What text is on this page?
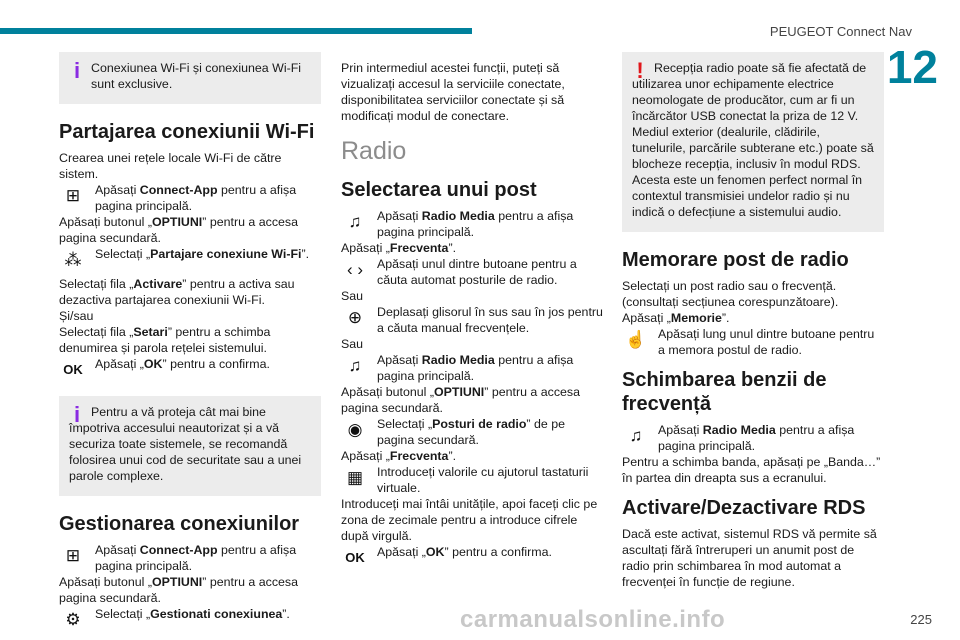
PEUGEOT Connect Nav
12
i Conexiunea Wi-Fi și conexiunea Wi-Fi sunt exclusive.

Partajarea conexiunii Wi-Fi

Crearea unei rețele locale Wi-Fi de către sistem.

⊞	Apăsați Connect-App pentru a afișa pagina principală.

Apăsați butonul „OPTIUNI” pentru a accesa pagina secundară.

⁂ Selectați „Partajare conexiune Wi-Fi”.

Selectați fila „Activare” pentru a activa sau dezactiva partajarea conexiunii Wi-Fi.

Și/sau

Selectați fila „Setari” pentru a schimba denumirea și parola rețelei sistemului.

OK Apăsați „OK” pentru a confirma.
i Pentru a vă proteja cât mai bine împotriva accesului neautorizat și a vă securiza toate sistemele, se recomandă folosirea unui cod de securitate sau a unei parole complexe.

Gestionarea conexiunilor
⊞	Apăsați Connect-App pentru a afișa pagina principală.

Apăsați butonul „OPTIUNI” pentru a accesa pagina secundară.

⚙	Selectați „Gestionati conexiunea”.

Prin intermediul acestei funcții, puteți să vizualizați accesul la serviciile conectate, disponibilitatea serviciilor conectate și să modificați modul de conectare.

Radio
Selectarea unui post
♫	Apăsați Radio Media pentru a afișa pagina principală.

Apăsați „Frecventa”.

‹ ›	Apăsați unul dintre butoane pentru a căuta automat posturile de radio.

Sau

⊕	Deplasați glisorul în sus sau în jos pentru a căuta manual frecvențele.

Sau

♫	Apăsați Radio Media pentru a afișa pagina principală.

Apăsați butonul „OPTIUNI” pentru a accesa pagina secundară.

◉	Selectați „Posturi de radio” de pe pagina secundară.

Apăsați „Frecventa”.

▦	Introduceți valorile cu ajutorul tastaturii virtuale.

Introduceți mai întâi unitățile, apoi faceți clic pe zona de zecimale pentru a introduce cifrele după virgulă.

OK Apăsați „OK” pentru a confirma.
! Recepția radio poate să fie afectată de utilizarea unor echipamente electrice neomologate de producător, cum ar fi un încărcător USB conectat la priza de 12 V. Mediul exterior (dealurile, clădirile, tunelurile, parcările subterane etc.) poate să blocheze recepția, inclusiv în modul RDS. Acesta este un fenomen perfect normal în contextul transmisiei undelor radio și nu indică o defecțiune a sistemului audio.

Memorare post de radio

Selectați un post radio sau o frecvență. (consultați secțiunea corespunzătoare).

Apăsați „Memorie”.

☝ Apăsați lung unul dintre butoane pentru a memora postul de radio.
Schimbarea benzii de frecvență
♫	Apăsați Radio Media pentru a afișa pagina principală.

Pentru a schimba banda, apăsați pe „Banda…” în partea din dreapta sus a ecranului.

Activare/Dezactivare RDS

Dacă este activat, sistemul RDS vă permite să ascultați fără întreruperi un anumit post de radio prin schimbarea în mod automat a frecvenței în funcție de regiune.

carmanualsonline.info	225
